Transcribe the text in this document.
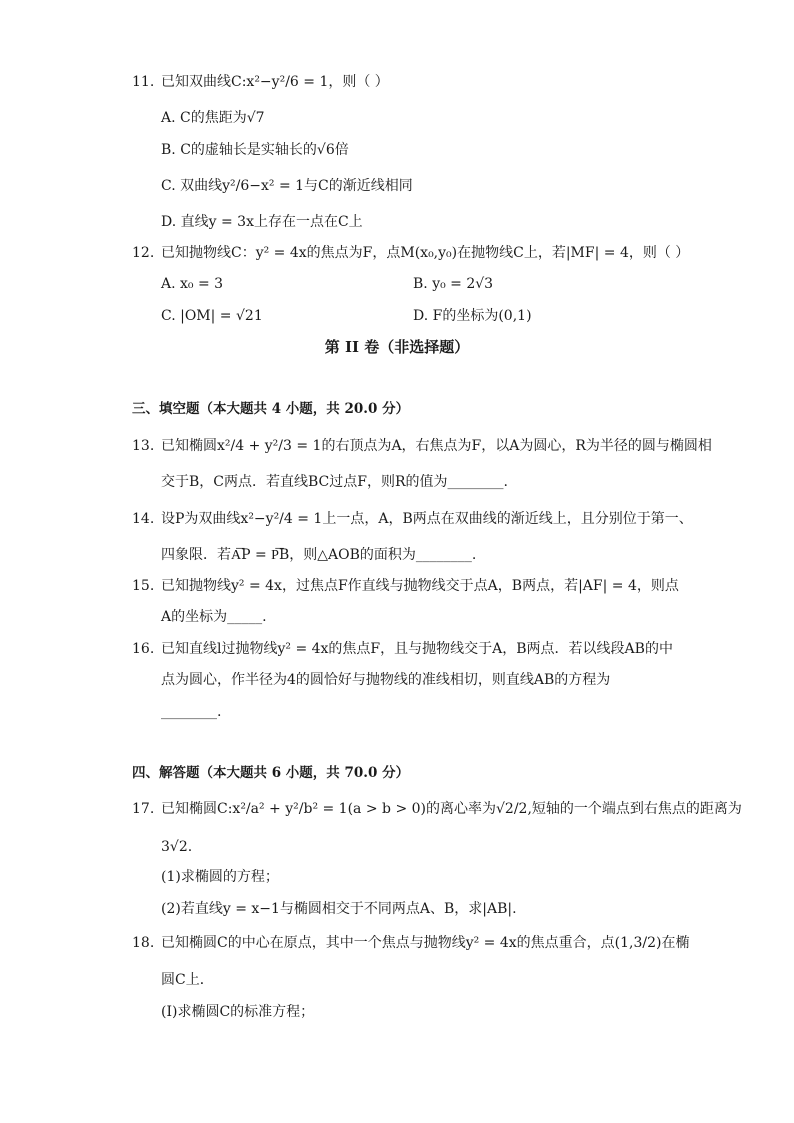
11. 已知双曲线C:x²−y²/6 = 1，则（ ）
A. C的焦距为√7
B. C的虚轴长是实轴长的√6倍
C. 双曲线y²/6−x² = 1与C的渐近线相同
D. 直线y = 3x上存在一点在C上
12. 已知抛物线C：y² = 4x的焦点为F，点M(x₀,y₀)在抛物线C上，若|MF| = 4，则（ ）
A. x₀ = 3	B. y₀ = 2√3
C. |OM| = √21	D. F的坐标为(0,1)
第 II 卷（非选择题）
三、填空题（本大题共 4 小题，共 20.0 分）
13. 已知椭圆x²/4 + y²/3 = 1的右顶点为A，右焦点为F，以A为圆心，R为半径的圆与椭圆相
交于B，C两点．若直线BC过点F，则R的值为________.
14. 设P为双曲线x²−y²/4 = 1上一点，A，B两点在双曲线的渐近线上，且分别位于第一、
四象限．若A͞P = P͞B，则△AOB的面积为________.
15. 已知抛物线y² = 4x，过焦点F作直线与抛物线交于点A，B两点，若|AF| = 4，则点
A的坐标为_____.
16. 已知直线l过抛物线y² = 4x的焦点F，且与抛物线交于A，B两点．若以线段AB的中
点为圆心，作半径为4的圆恰好与抛物线的准线相切，则直线AB的方程为
________.
四、解答题（本大题共 6 小题，共 70.0 分）
17. 已知椭圆C:x²/a² + y²/b² = 1(a > b > 0)的离心率为√2/2,短轴的一个端点到右焦点的距离为
3√2.
(1)求椭圆的方程；
(2)若直线y = x−1与椭圆相交于不同两点A、B，求|AB|.
18. 已知椭圆C的中心在原点，其中一个焦点与抛物线y² = 4x的焦点重合，点(1,3/2)在椭
圆C上．
(Ⅰ)求椭圆C的标准方程；
